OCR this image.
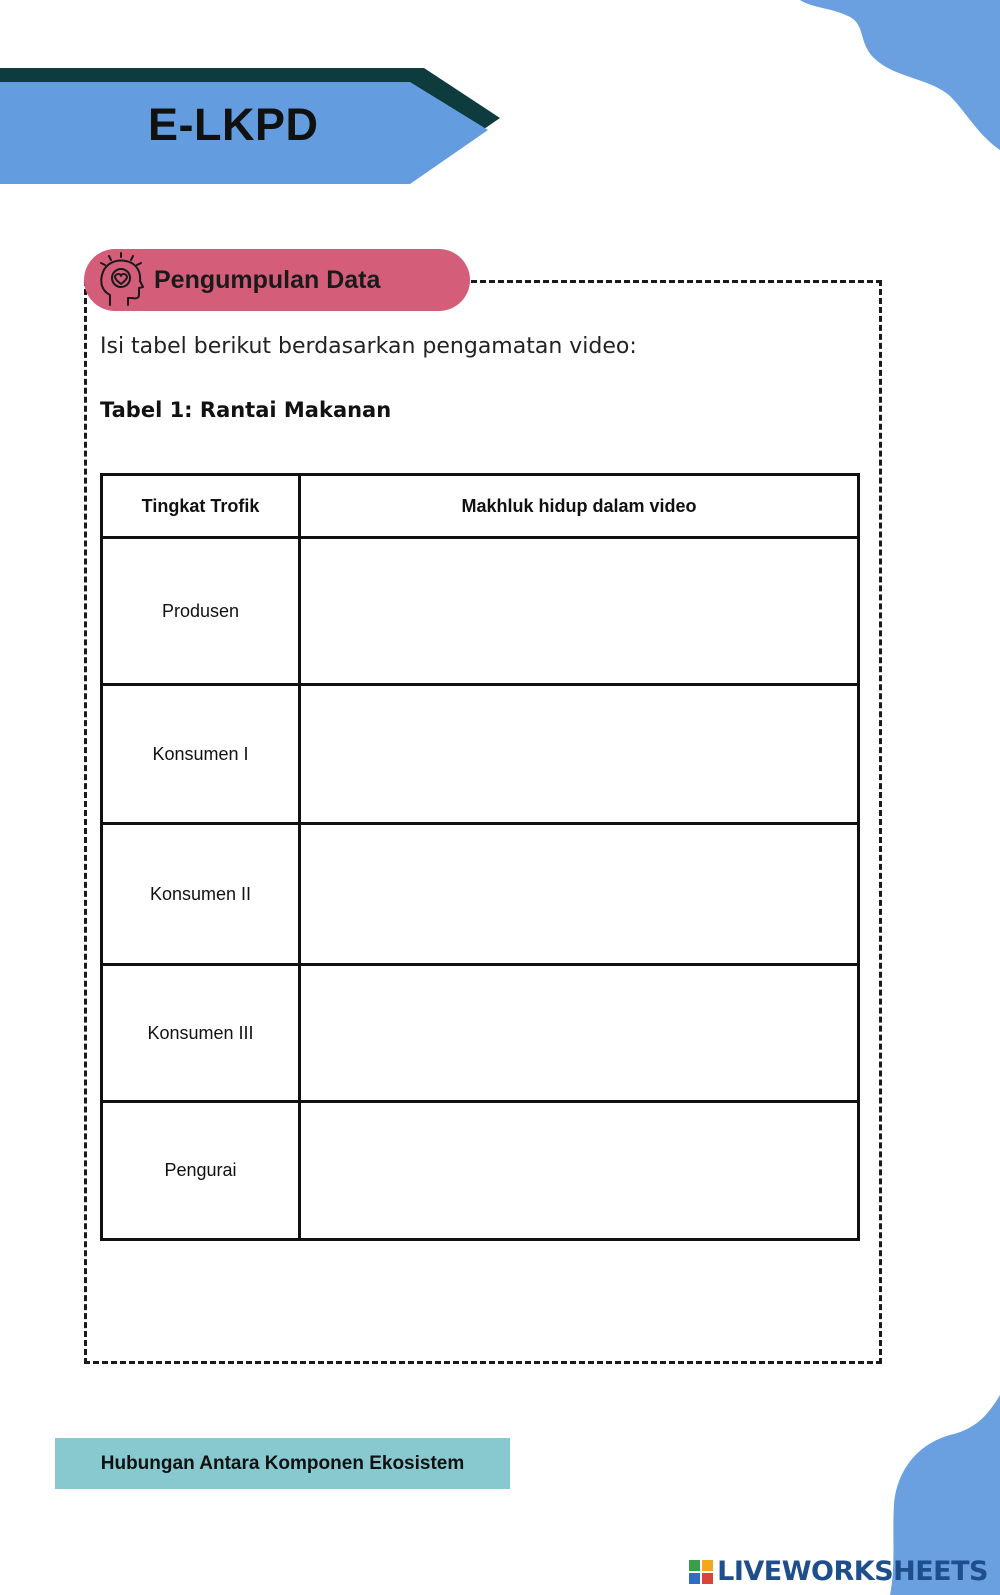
E-LKPD
Pengumpulan Data

Isi tabel berikut berdasarkan pengamatan video:

Tabel 1: Rantai Makanan

Tingkat Trofik	Makhluk hidup dalam video
Produsen	
Konsumen I	
Konsumen II	
Konsumen III	
Pengurai	
Hubungan Antara Komponen Ekosistem
LIVEWORKSHEETS
